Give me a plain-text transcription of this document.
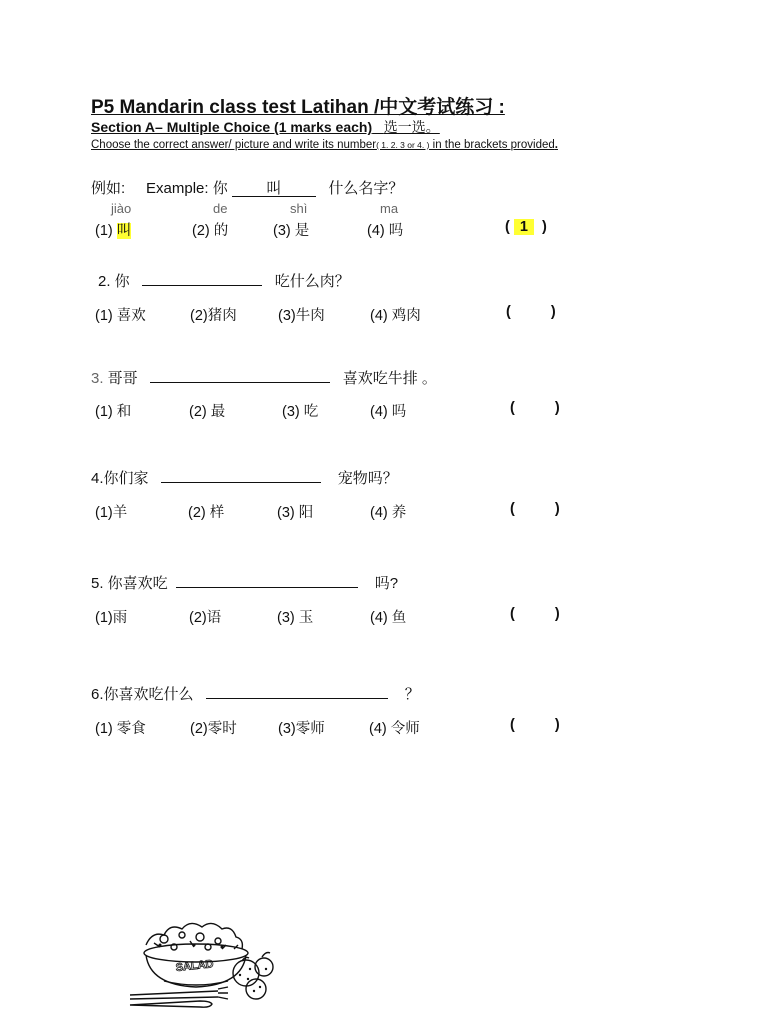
P5 Mandarin class test Latihan /中文考试练习 :
Section A– Multiple Choice (1 marks each) 选一选。
Choose the correct answer/ picture and write its number( 1. 2. 3 or 4. ) in the brackets provided.
例如: Example: 你	叫	什么名字？
jiào	de	shì	ma
(1) 叫	(2) 的	(3) 是	(4) 吗	( 1 )
2. 你	吃什么肉？
(1) 喜欢	(2)猪肉	(3)牛肉	(4) 鸡肉	(	)
3. 哥哥	喜欢吃牛排 。
(1) 和	(2) 最	(3) 吃	(4) 吗	(	)
4.你们家	宠物吗？
(1)羊	(2) 样	(3) 阳	(4) 养	(	)
5. 你喜欢吃	吗?
(1)雨	(2)语	(3) 玉	(4) 鱼	(	)
6.你喜欢吃什么	？
(1) 零食	(2)零时	(3)零师	(4) 令师	(	)
SALAD
